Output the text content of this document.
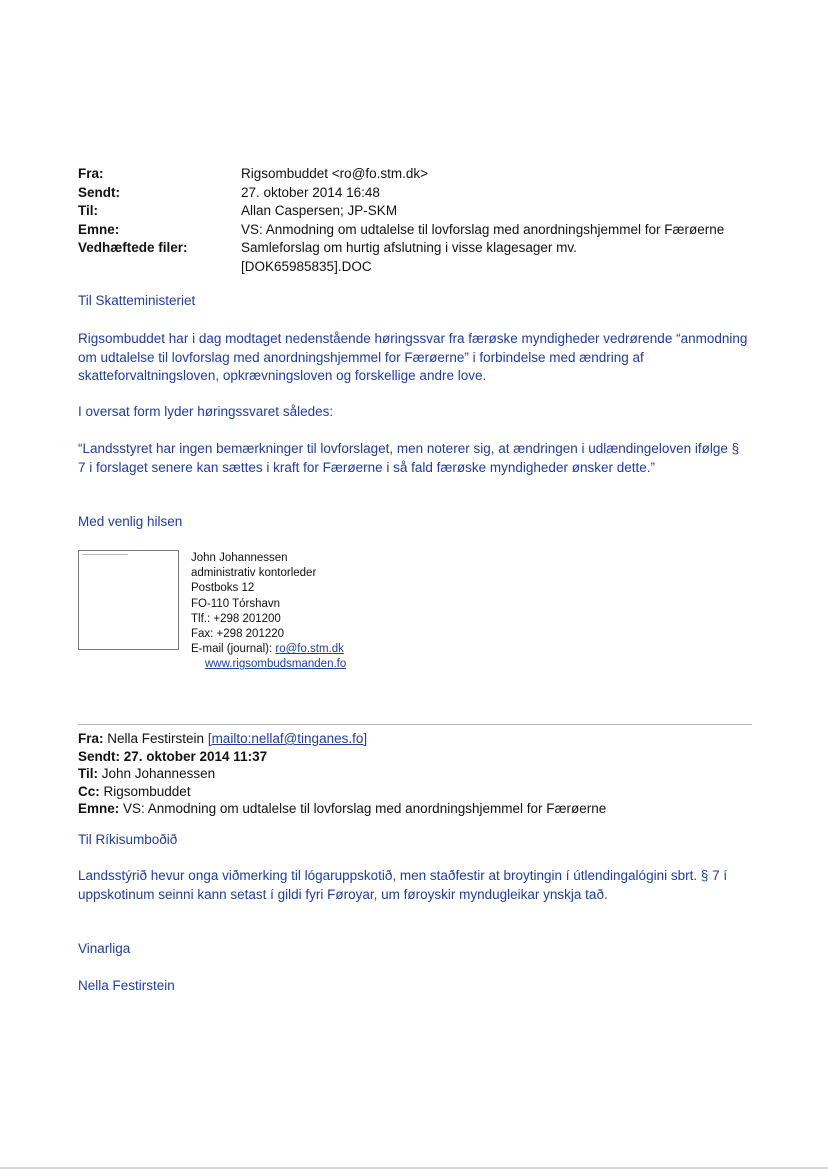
Fra:	Rigsombuddet <ro@fo.stm.dk>
Sendt:	27. oktober 2014 16:48
Til:	Allan Caspersen; JP-SKM
Emne:	VS: Anmodning om udtalelse til lovforslag med anordningshjemmel for Færøerne
Vedhæftede filer:	Samleforslag om hurtig afslutning i visse klagesager mv.
[DOK65985835].DOC

Til Skatteministeriet

Rigsombuddet har i dag modtaget nedenstående høringssvar fra færøske myndigheder vedrørende “anmodning om udtalelse til lovforslag med anordningshjemmel for Færøerne” i forbindelse med ændring af skatteforvaltningsloven, opkrævningsloven og forskellige andre love.

I oversat form lyder høringssvaret således:

“Landsstyret har ingen bemærkninger til lovforslaget, men noterer sig, at ændringen i udlændingeloven ifølge § 7 i forslaget senere kan sættes i kraft for Færøerne i så fald færøske myndigheder ønsker dette.”

Med venlig hilsen

John Johannessen
administrativ kontorleder
Postboks 12
FO-110 Tórshavn
Tlf.: +298 201200
Fax: +298 201220
E-mail (journal): ro@fo.stm.dk
www.rigsombudsmanden.fo
Fra: Nella Festirstein [mailto:nellaf@tinganes.fo]
Sendt: 27. oktober 2014 11:37
Til: John Johannessen
Cc: Rigsombuddet
Emne: VS: Anmodning om udtalelse til lovforslag med anordningshjemmel for Færøerne

Til Ríkisumboðið

Landsstýrið hevur onga viðmerking til lógaruppskotið, men staðfestir at broytingin í útlendingalógini sbrt. § 7 í uppskotinum seinni kann setast í gildi fyri Føroyar, um føroyskir myndugleikar ynskja tað.

Vinarliga

Nella Festirstein
